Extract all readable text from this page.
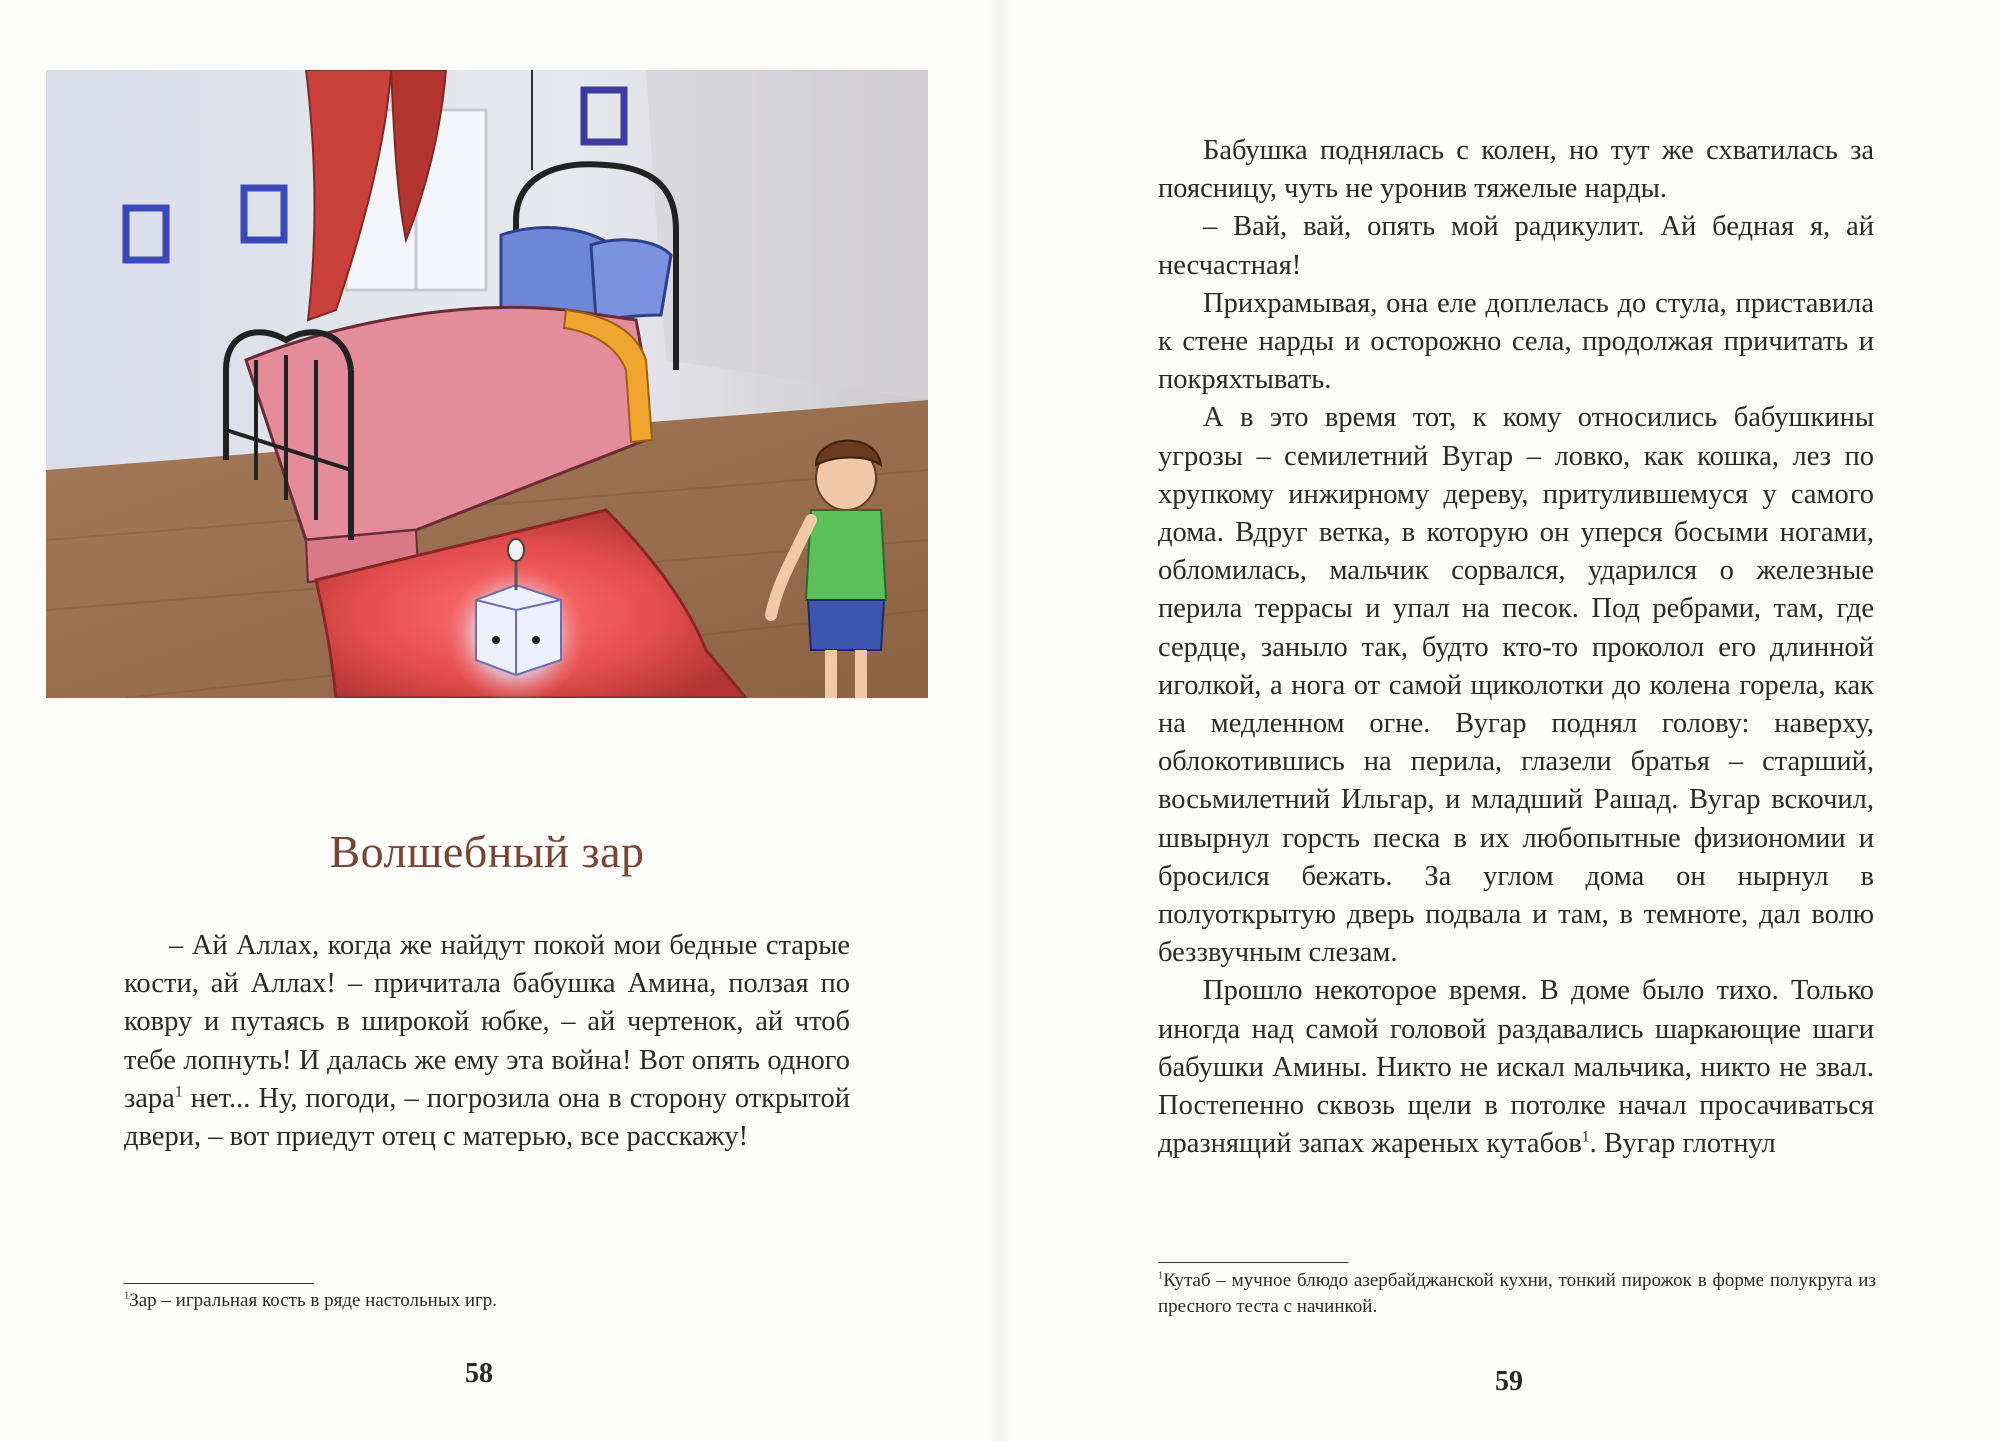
Волшебный зар

– Ай Аллах, когда же найдут покой мои бедные старые кости, ай Аллах! – причитала бабушка Амина, ползая по ковру и путаясь в широкой юбке, – ай чертенок, ай чтоб тебе лопнуть! И далась же ему эта война! Вот опять одного зара$^1$ нет... Ну, погоди, – погрозила она в сторону открытой двери, – вот приедут отец с матерью, все расскажу!

$^1$Зар – игральная кость в ряде настольных игр.

58

Бабушка поднялась с колен, но тут же схватилась за поясницу, чуть не уронив тяжелые нарды.

– Вай, вай, опять мой радикулит. Ай бедная я, ай несчастная!

Прихрамывая, она еле доплелась до стула, приставила к стене нарды и осторожно села, продолжая причитать и покряхтывать.

А в это время тот, к кому относились бабушкины угрозы – семилетний Вугар – ловко, как кошка, лез по хрупкому инжирному дереву, притулившемуся у самого дома. Вдруг ветка, в которую он уперся босыми ногами, обломилась, мальчик сорвался, ударился о железные перила террасы и упал на песок. Под ребрами, там, где сердце, заныло так, будто кто-то проколол его длинной иголкой, а нога от самой щиколотки до колена горела, как на медленном огне. Вугар поднял голову: наверху, облокотившись на перила, глазели братья – старший, восьмилетний Ильгар, и младший Рашад. Вугар вскочил, швырнул горсть песка в их любопытные физиономии и бросился бежать. За углом дома он нырнул в полуоткрытую дверь подвала и там, в темноте, дал волю беззвучным слезам.

Прошло некоторое время. В доме было тихо. Только иногда над самой головой раздавались шаркающие шаги бабушки Амины. Никто не искал мальчика, никто не звал. Постепенно сквозь щели в потолке начал просачиваться дразнящий запах жареных кутабов$^1$. Вугар глотнул

$^1$Кутаб – мучное блюдо азербайджанской кухни, тонкий пирожок в форме полукруга из пресного теста с начинкой.

59
